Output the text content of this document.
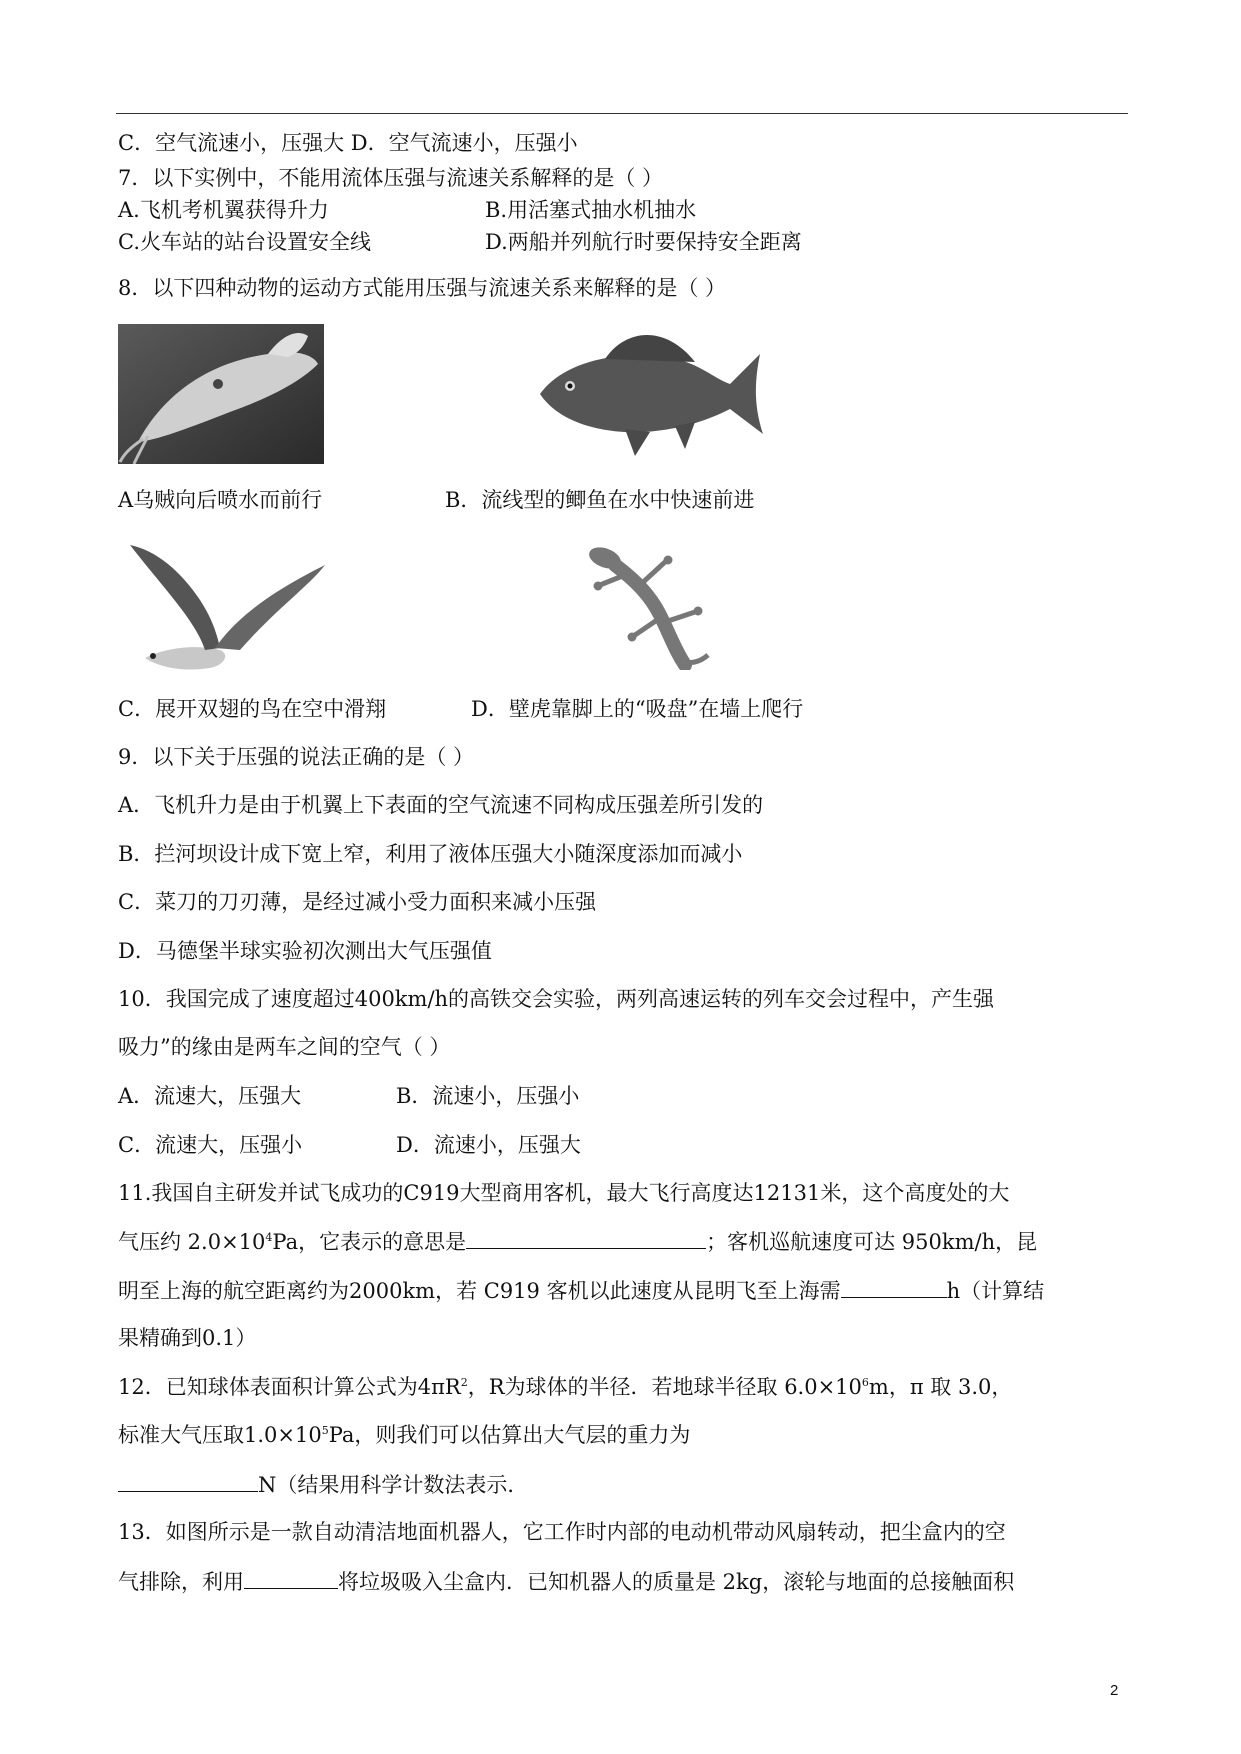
C．空气流速小，压强大 D．空气流速小，压强小
7．以下实例中，不能用流体压强与流速关系解释的是（ ）
A.飞机考机翼获得升力	B.用活塞式抽水机抽水
C.火车站的站台设置安全线	D.两船并列航行时要保持安全距离
8．以下四种动物的运动方式能用压强与流速关系来解释的是（ ）
A乌贼向后喷水而前行	B．流线型的鲫鱼在水中快速前进
C．展开双翅的鸟在空中滑翔	D．壁虎靠脚上的“吸盘”在墙上爬行
9．以下关于压强的说法正确的是（ ）
A．飞机升力是由于机翼上下表面的空气流速不同构成压强差所引发的
B．拦河坝设计成下宽上窄，利用了液体压强大小随深度添加而减小
C．菜刀的刀刃薄，是经过减小受力面积来减小压强
D．马德堡半球实验初次测出大气压强值
10．我国完成了速度超过400km/h的高铁交会实验，两列高速运转的列车交会过程中，产生强
吸力”的缘由是两车之间的空气（ ）
A．流速大，压强大	B．流速小，压强小
C．流速大，压强小	D．流速小，压强大
11.我国自主研发并试飞成功的C919大型商用客机，最大飞行高度达12131米，这个高度处的大
气压约 $2.0\times 10^4Pa$，它表示的意思是	；客机巡航速度可达 950km/h，昆
明至上海的航空距离约为2000km，若 C919 客机以此速度从昆明飞至上海需	h（计算结
果精确到0.1）
12．已知球体表面积计算公式为$4\pi R^2$，R为球体的半径．若地球半径取 $6.0\times 10^6m$，π 取 3.0，
标准大气压取$1.0\times 10^5Pa$，则我们可以估算出大气层的重力为
N（结果用科学计数法表示．
13．如图所示是一款自动清洁地面机器人，它工作时内部的电动机带动风扇转动，把尘盒内的空
气排除，利用	将垃圾吸入尘盒内．已知机器人的质量是 2kg，滚轮与地面的总接触面积
2
